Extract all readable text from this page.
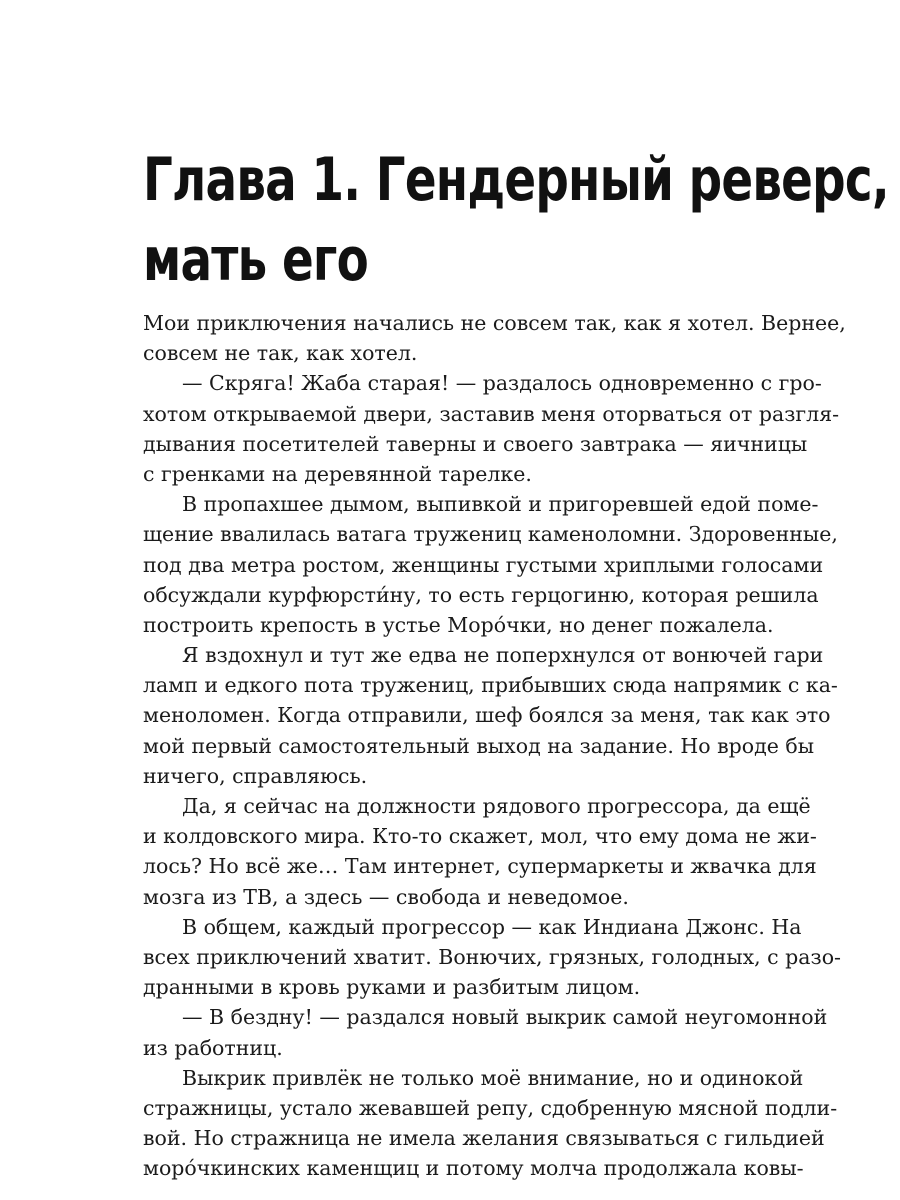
Глава 1. Гендерный реверс,
мать его
Мои приключения начались не совсем так, как я хотел. Вернее,
совсем не так, как хотел.
— Скряга! Жаба старая! — раздалось одновременно с гро-
хотом открываемой двери, заставив меня оторваться от разгля-
дывания посетителей таверны и своего завтрака — яичницы
с гренками на деревянной тарелке.
В пропахшее дымом, выпивкой и пригоревшей едой поме-
щение ввалилась ватага тружениц каменоломни. Здоровенные,
под два метра ростом, женщины густыми хриплыми голосами
обсуждали курфюрсти́ну, то есть герцогиню, которая решила
построить крепость в устье Моро́чки, но денег пожалела.
Я вздохнул и тут же едва не поперхнулся от вонючей гари
ламп и едкого пота тружениц, прибывших сюда напрямик с ка-
меноломен. Когда отправили, шеф боялся за меня, так как это
мой первый самостоятельный выход на задание. Но вроде бы
ничего, справляюсь.
Да, я сейчас на должности рядового прогрессора, да ещё
и колдовского мира. Кто-то скажет, мол, что ему дома не жи-
лось? Но всё же… Там интернет, супермаркеты и жвачка для
мозга из ТВ, а здесь — свобода и неведомое.
В общем, каждый прогрессор — как Индиана Джонс. На
всех приключений хватит. Вонючих, грязных, голодных, с разо-
дранными в кровь руками и разбитым лицом.
— В бездну! — раздался новый выкрик самой неугомонной
из работниц.
Выкрик привлёк не только моё внимание, но и одинокой
стражницы, устало жевавшей репу, сдобренную мясной подли-
вой. Но стражница не имела желания связываться с гильдией
моро́чкинских каменщиц и потому молча продолжала ковы-
